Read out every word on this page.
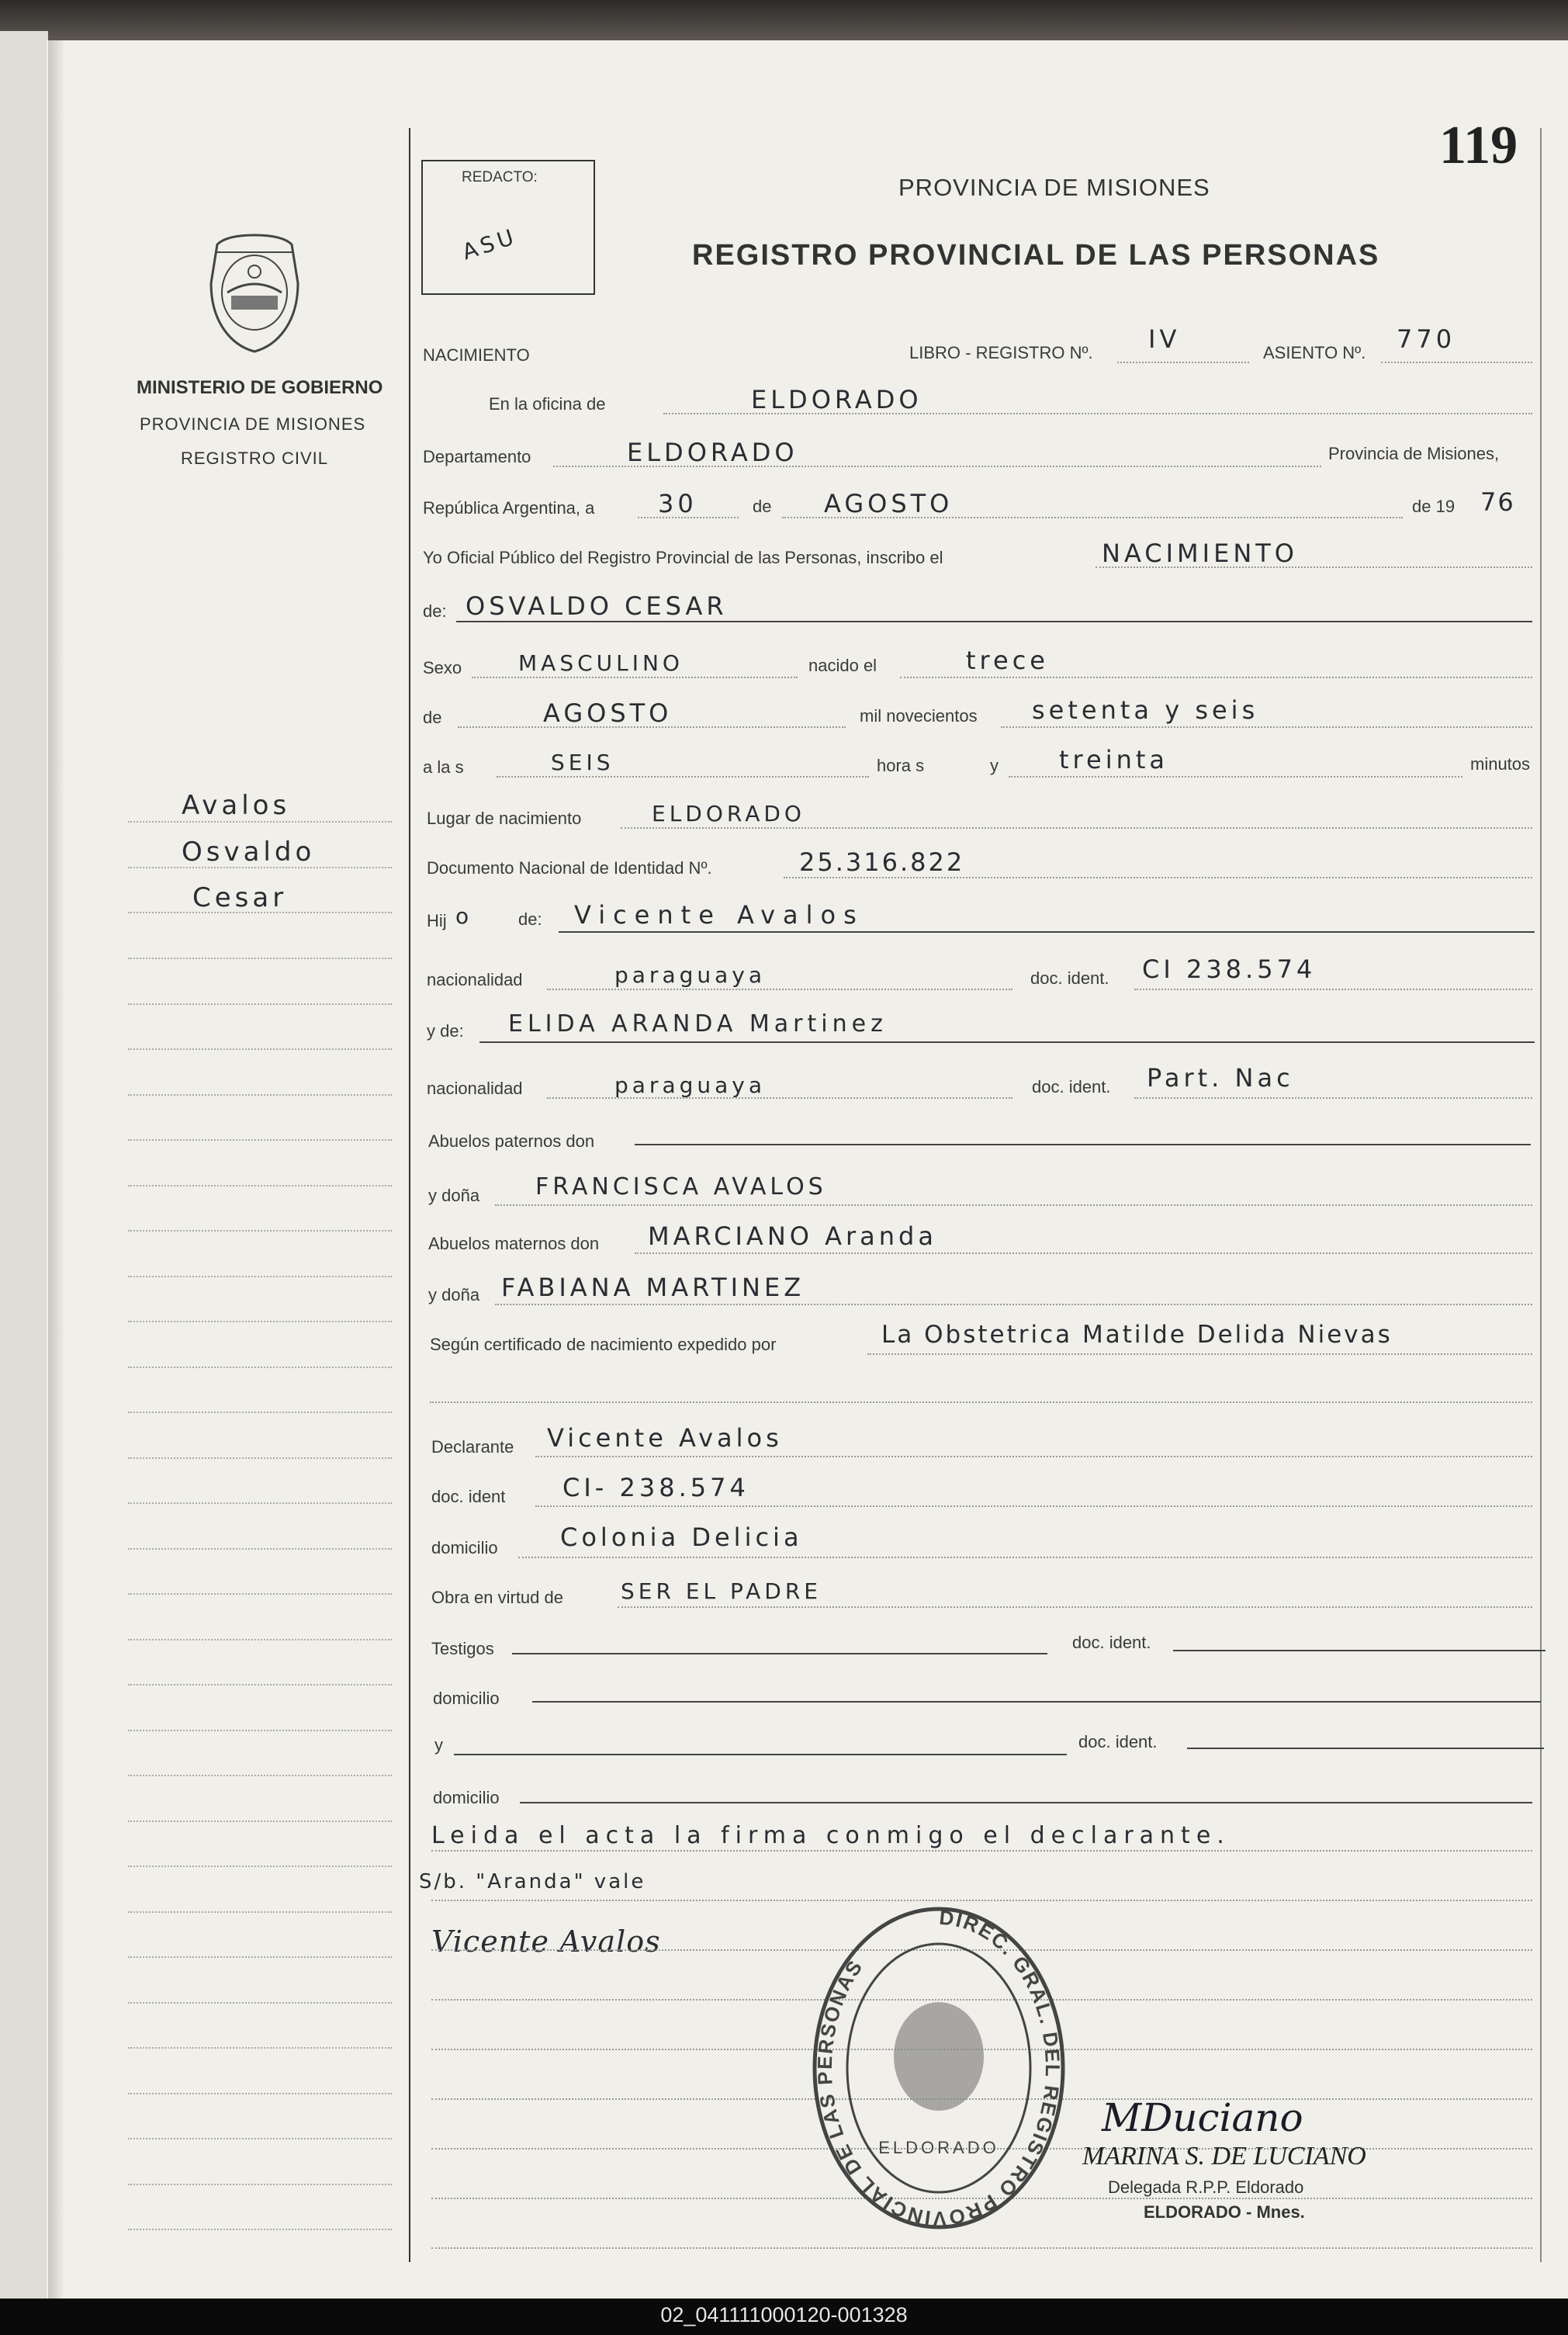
119
REDACTO:
ASU
PROVINCIA DE MISIONES
REGISTRO PROVINCIAL DE LAS PERSONAS
MINISTERIO DE GOBIERNO
PROVINCIA DE MISIONES
REGISTRO CIVIL
Avalos
Osvaldo
Cesar
NACIMIENTO	LIBRO - REGISTRO Nº. IV	ASIENTO Nº. 770
En la oficina de	ELDORADO
Departamento	ELDORADO	Provincia de Misiones,
República Argentina, a	30	de AGOSTO	de 19 76
Yo Oficial Público del Registro Provincial de las Personas, inscribo el	NACIMIENTO
de: OSVALDO CESAR
Sexo	MASCULINO	nacido el	trece
de	AGOSTO	mil novecientos setenta y seis
a la s	SEIS	hora s	y treinta	minutos
Lugar de nacimiento	ELDORADO
Documento Nacional de Identidad Nº.	25.316.822
Hij o	de: Vicente Avalos
nacionalidad	paraguaya	doc. ident. CI 238.574
y de: ELIDA ARANDA Martinez
nacionalidad	paraguaya	doc. ident. Part. Nac
Abuelos paternos don
y doña FRANCISCA AVALOS
Abuelos maternos don MARCIANO Aranda
y doña FABIANA MARTINEZ
Según certificado de nacimiento expedido por	La Obstetrica Matilde Delida Nievas
Declarante Vicente Avalos
doc. ident CI- 238.574
domicilio	Colonia Delicia
Obra en virtud de	SER EL PADRE
Testigos	doc. ident.
domicilio
y	doc. ident.
domicilio
Leida el acta la firma conmigo el declarante.
S/b. "Aranda" vale
Vicente Avalos
DIREC. GRAL. DEL REGISTRO PROVINCIAL DE LAS PERSONAS
ELDORADO
MDuciano
MARINA S. DE LUCIANO
Delegada R.P.P. Eldorado
ELDORADO - Mnes.
02_041111000120-001328
